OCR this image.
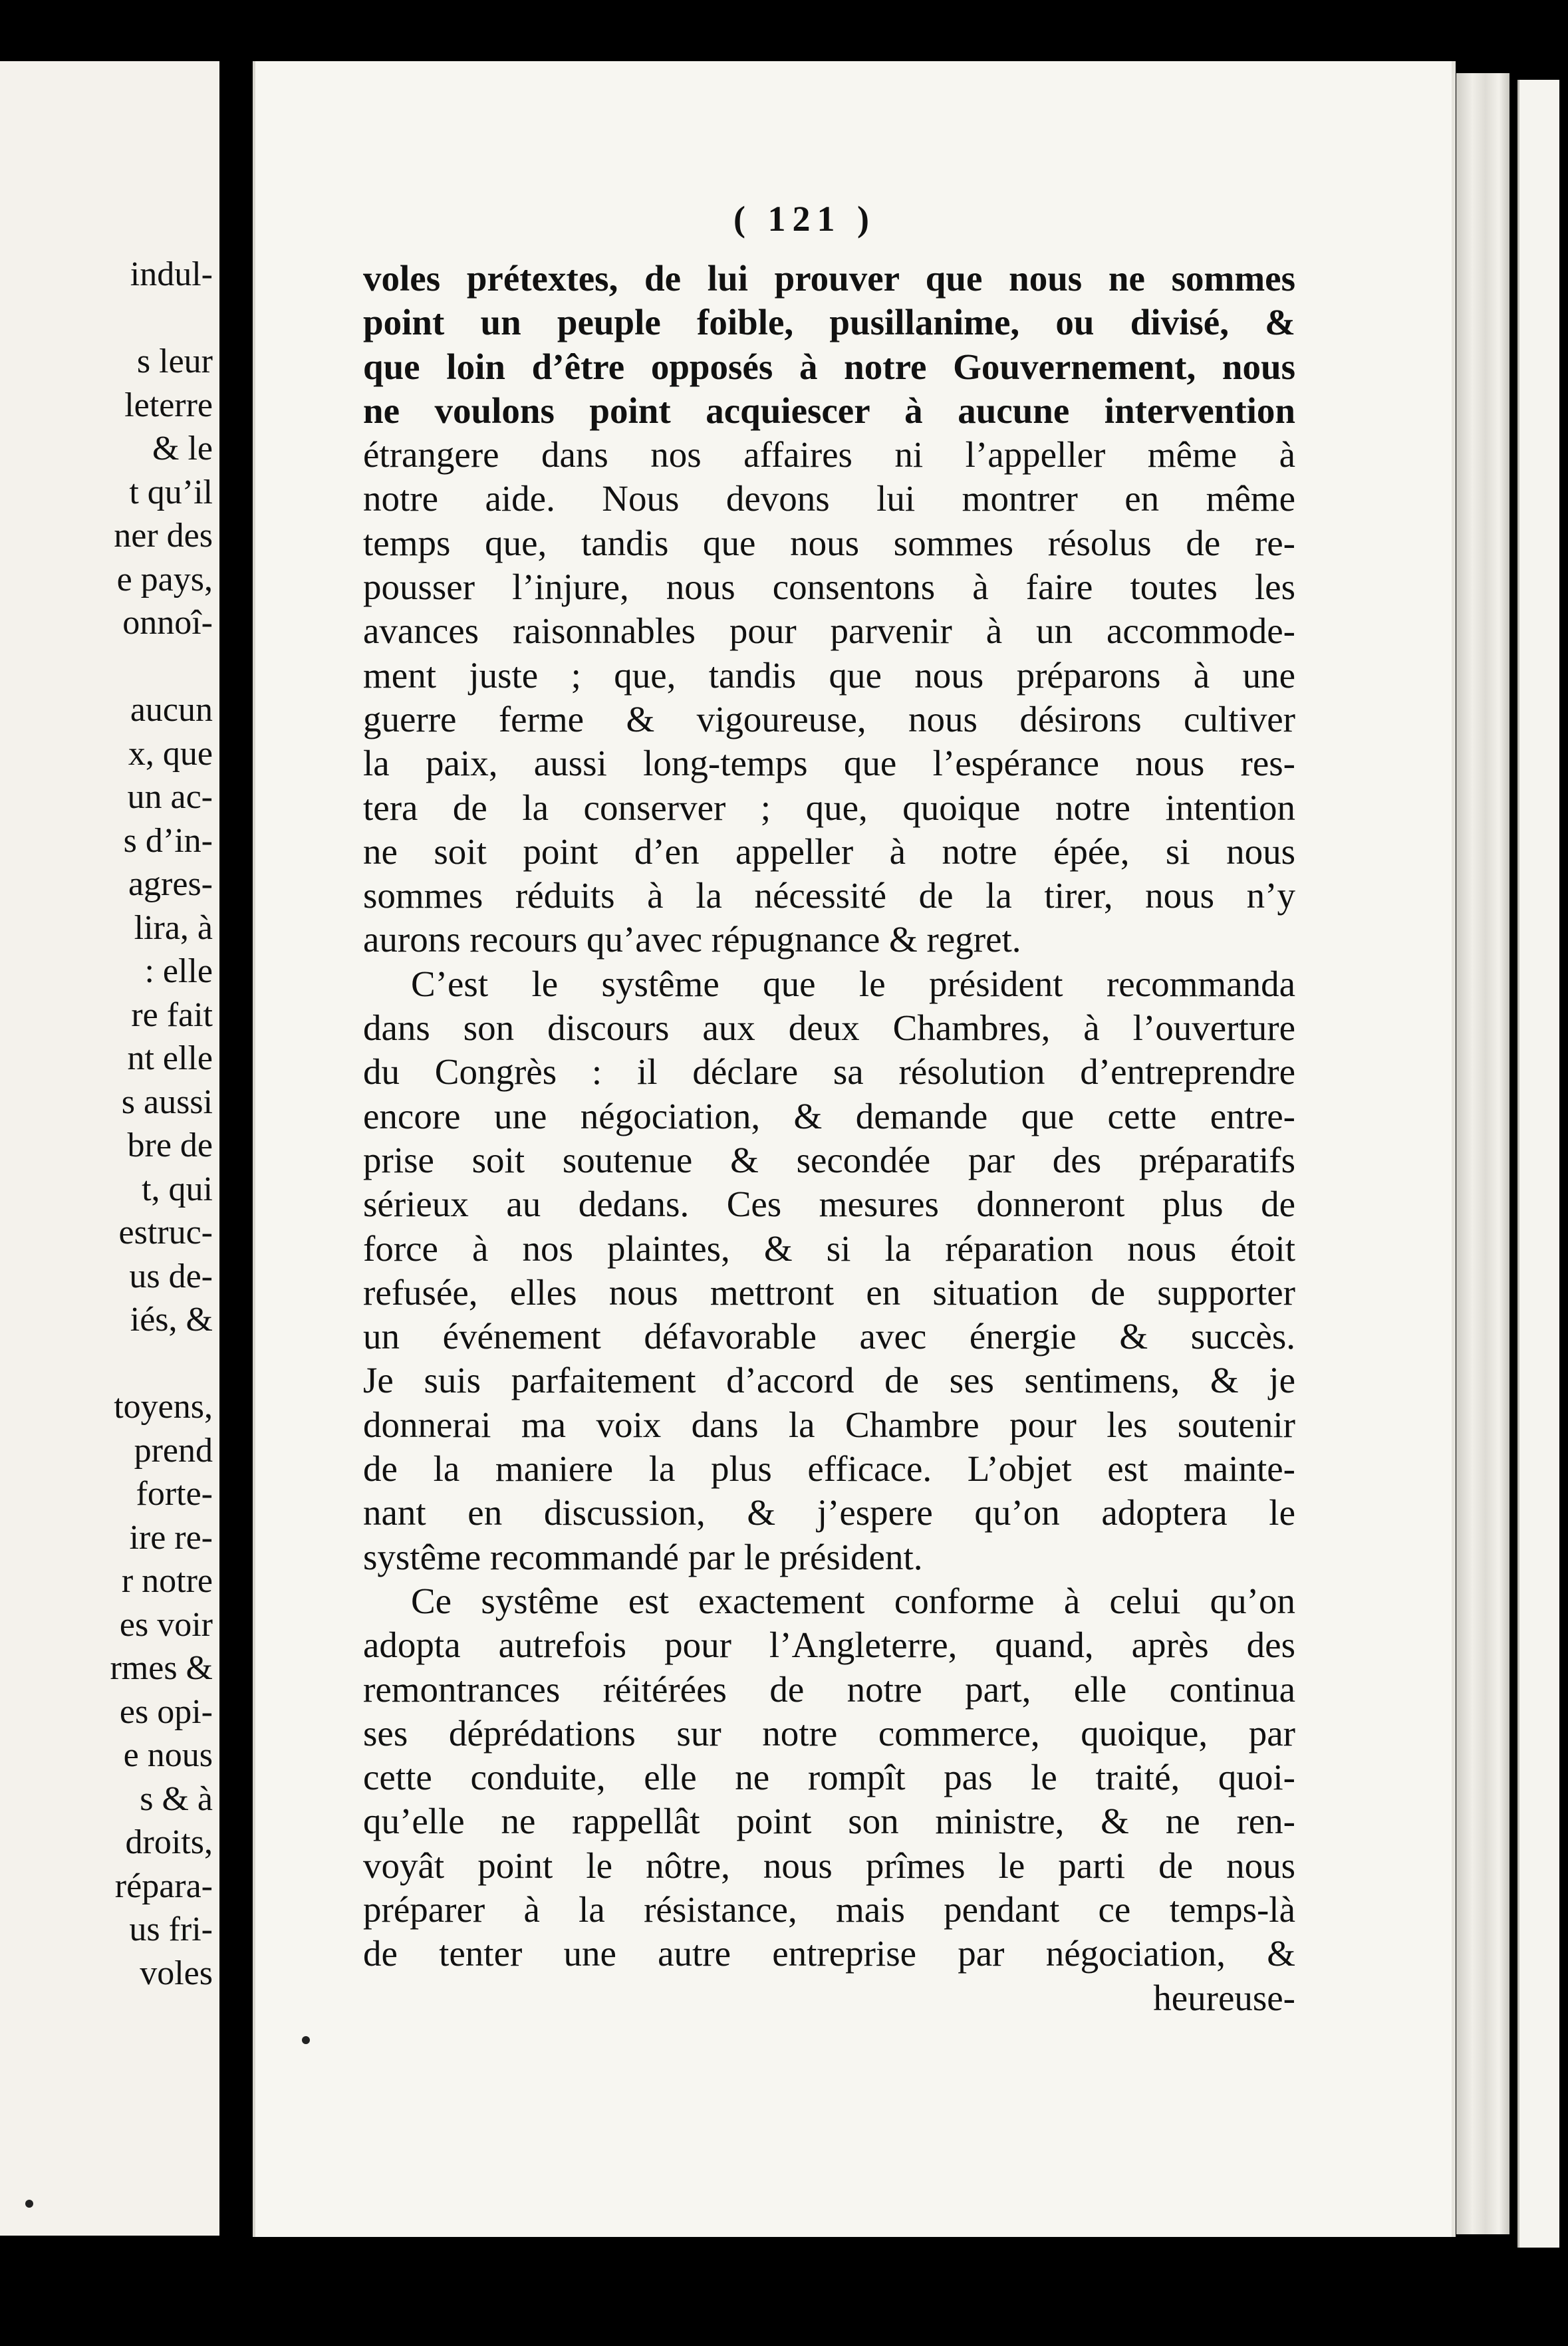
indul-
s leur
leterre
& le
t qu’il
ner des
e pays,
onnoî-
aucun
x, que
un ac-
s d’in-
agres-
lira, à
: elle
re fait
nt elle
s aussi
bre de
t, qui
estruc-
us de-
iés, &
toyens,
prend
forte-
ire re-
r notre
es voir
rmes &
es opi-
e nous
s & à
droits,
répara-
us fri-
voles
( 121 )
voles prétextes, de lui prouver que nous ne sommes
point un peuple foible, pusillanime, ou divisé, &
que loin d’être opposés à notre Gouvernement, nous
ne voulons point acquiescer à aucune intervention
étrangere dans nos affaires ni l’appeller même à
notre aide. Nous devons lui montrer en même
temps que, tandis que nous sommes résolus de re-
pousser l’injure, nous consentons à faire toutes les
avances raisonnables pour parvenir à un accommode-
ment juste ; que, tandis que nous préparons à une
guerre ferme & vigoureuse, nous désirons cultiver
la paix, aussi long-temps que l’espérance nous res-
tera de la conserver ; que, quoique notre intention
ne soit point d’en appeller à notre épée, si nous
sommes réduits à la nécessité de la tirer, nous n’y
aurons recours qu’avec répugnance & regret.
C’est le systême que le président recommanda
dans son discours aux deux Chambres, à l’ouverture
du Congrès : il déclare sa résolution d’entreprendre
encore une négociation, & demande que cette entre-
prise soit soutenue & secondée par des préparatifs
sérieux au dedans. Ces mesures donneront plus de
force à nos plaintes, & si la réparation nous étoit
refusée, elles nous mettront en situation de supporter
un événement défavorable avec énergie & succès.
Je suis parfaitement d’accord de ses sentimens, & je
donnerai ma voix dans la Chambre pour les soutenir
de la maniere la plus efficace. L’objet est mainte-
nant en discussion, & j’espere qu’on adoptera le
systême recommandé par le président.
Ce systême est exactement conforme à celui qu’on
adopta autrefois pour l’Angleterre, quand, après des
remontrances réitérées de notre part, elle continua
ses déprédations sur notre commerce, quoique, par
cette conduite, elle ne rompît pas le traité, quoi-
qu’elle ne rappellât point son ministre, & ne ren-
voyât point le nôtre, nous prîmes le parti de nous
préparer à la résistance, mais pendant ce temps-là
de tenter une autre entreprise par négociation, &
heureuse-
